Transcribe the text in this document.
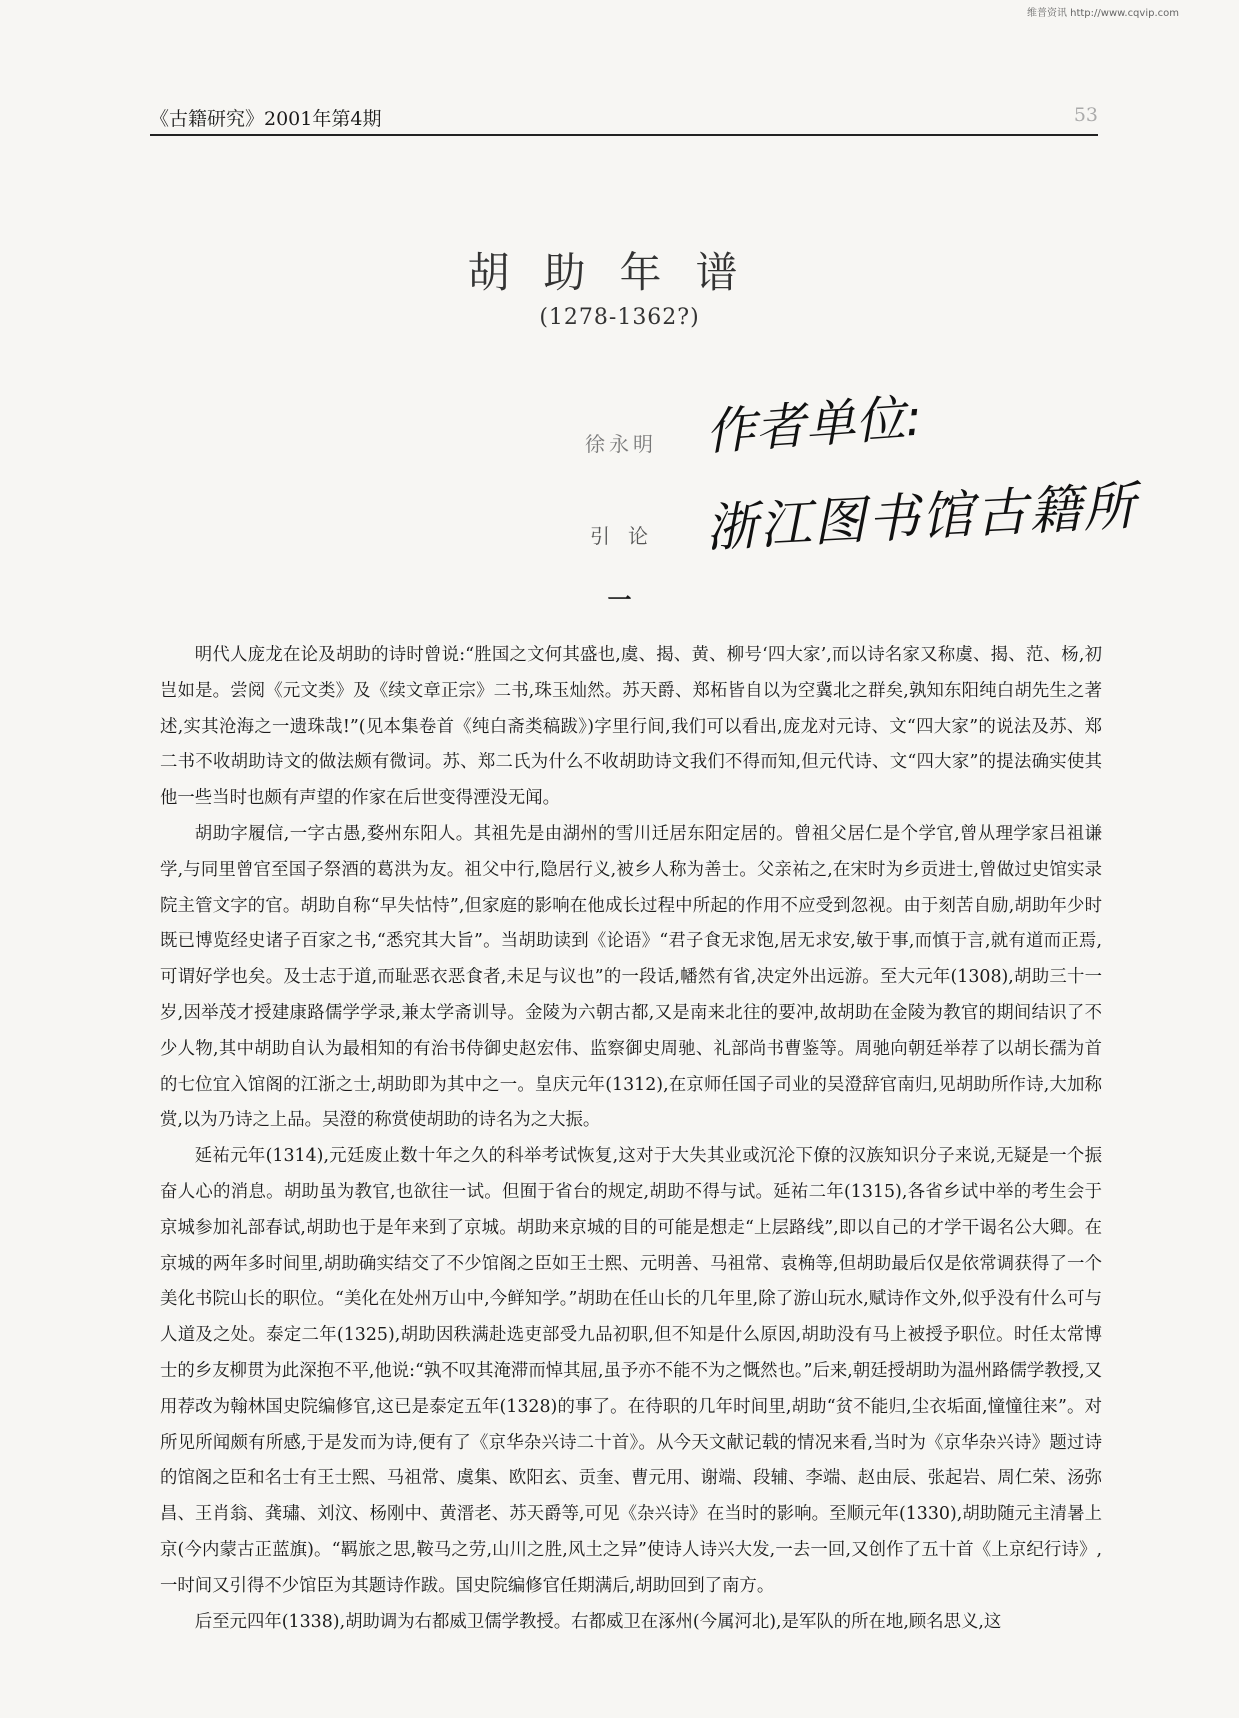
维普资讯 http://www.cqvip.com
《古籍研究》2001年第4期	53
胡助年谱
(1278-1362?)
徐永明 作者单位:
浙江图书馆古籍所
引论
一

明代人庞龙在论及胡助的诗时曾说:“胜国之文何其盛也,虞、揭、黄、柳号‘四大家’,而以诗名家又称虞、揭、范、杨,初岂如是。尝阅《元文类》及《续文章正宗》二书,珠玉灿然。苏天爵、郑柘皆自以为空冀北之群矣,孰知东阳纯白胡先生之著述,实其沧海之一遗珠哉!”(见本集卷首《纯白斋类稿跋》)字里行间,我们可以看出,庞龙对元诗、文“四大家”的说法及苏、郑二书不收胡助诗文的做法颇有微词。苏、郑二氏为什么不收胡助诗文我们不得而知,但元代诗、文“四大家”的提法确实使其他一些当时也颇有声望的作家在后世变得湮没无闻。

胡助字履信,一字古愚,婺州东阳人。其祖先是由湖州的雪川迁居东阳定居的。曾祖父居仁是个学官,曾从理学家吕祖谦学,与同里曾官至国子祭酒的葛洪为友。祖父中行,隐居行义,被乡人称为善士。父亲祐之,在宋时为乡贡进士,曾做过史馆实录院主管文字的官。胡助自称“早失怙恃”,但家庭的影响在他成长过程中所起的作用不应受到忽视。由于刻苦自励,胡助年少时既已博览经史诸子百家之书,“悉究其大旨”。当胡助读到《论语》“君子食无求饱,居无求安,敏于事,而慎于言,就有道而正焉,可谓好学也矣。及士志于道,而耻恶衣恶食者,未足与议也”的一段话,幡然有省,决定外出远游。至大元年(1308),胡助三十一岁,因举茂才授建康路儒学学录,兼太学斋训导。金陵为六朝古都,又是南来北往的要冲,故胡助在金陵为教官的期间结识了不少人物,其中胡助自认为最相知的有治书侍御史赵宏伟、监察御史周驰、礼部尚书曹鉴等。周驰向朝廷举荐了以胡长孺为首的七位宜入馆阁的江浙之士,胡助即为其中之一。皇庆元年(1312),在京师任国子司业的吴澄辞官南归,见胡助所作诗,大加称赏,以为乃诗之上品。吴澄的称赏使胡助的诗名为之大振。

延祐元年(1314),元廷废止数十年之久的科举考试恢复,这对于大失其业或沉沦下僚的汉族知识分子来说,无疑是一个振奋人心的消息。胡助虽为教官,也欲往一试。但囿于省台的规定,胡助不得与试。延祐二年(1315),各省乡试中举的考生会于京城参加礼部春试,胡助也于是年来到了京城。胡助来京城的目的可能是想走“上层路线”,即以自己的才学干谒名公大卿。在京城的两年多时间里,胡助确实结交了不少馆阁之臣如王士熙、元明善、马祖常、袁桷等,但胡助最后仅是依常调获得了一个美化书院山长的职位。“美化在处州万山中,今鲜知学。”胡助在任山长的几年里,除了游山玩水,赋诗作文外,似乎没有什么可与人道及之处。泰定二年(1325),胡助因秩满赴选吏部受九品初职,但不知是什么原因,胡助没有马上被授予职位。时任太常博士的乡友柳贯为此深抱不平,他说:“孰不叹其淹滞而悼其屈,虽予亦不能不为之慨然也。”后来,朝廷授胡助为温州路儒学教授,又用荐改为翰林国史院编修官,这已是泰定五年(1328)的事了。在待职的几年时间里,胡助“贫不能归,尘衣垢面,憧憧往来”。对所见所闻颇有所感,于是发而为诗,便有了《京华杂兴诗二十首》。从今天文献记载的情况来看,当时为《京华杂兴诗》题过诗的馆阁之臣和名士有王士熙、马祖常、虞集、欧阳玄、贡奎、曹元用、谢端、段辅、李端、赵由辰、张起岩、周仁荣、汤弥昌、王肖翁、龚璛、刘汶、杨刚中、黄溍老、苏天爵等,可见《杂兴诗》在当时的影响。至顺元年(1330),胡助随元主清暑上京(今内蒙古正蓝旗)。“羁旅之思,鞍马之劳,山川之胜,风土之异”使诗人诗兴大发,一去一回,又创作了五十首《上京纪行诗》,一时间又引得不少馆臣为其题诗作跋。国史院编修官任期满后,胡助回到了南方。

后至元四年(1338),胡助调为右都威卫儒学教授。右都威卫在涿州(今属河北),是军队的所在地,顾名思义,这
